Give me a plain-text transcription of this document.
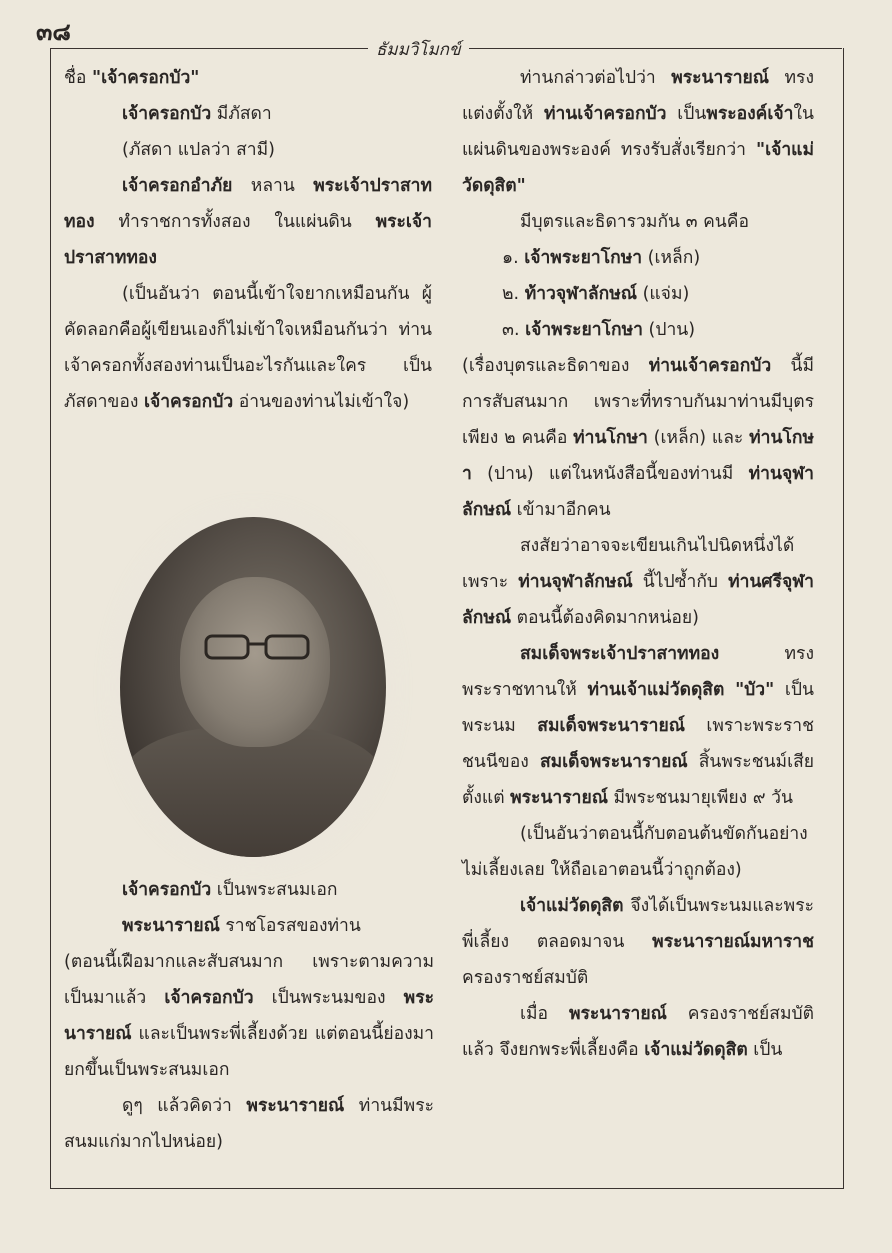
๓๘
ธัมมวิโมกข์

ชื่อ "เจ้าครอกบัว"

เจ้าครอกบัว มีภัสดา

(ภัสดา แปลว่า สามี)

เจ้าครอกอำภัย หลาน พระเจ้าปราสาททอง ทำราชการทั้งสอง ในแผ่นดิน พระเจ้าปราสาททอง

(เป็นอันว่า ตอนนี้เข้าใจยากเหมือนกัน ผู้คัดลอกคือผู้เขียนเองก็ไม่เข้าใจเหมือนกันว่า ท่านเจ้าครอกทั้งสองท่านเป็นอะไรกันและใคร เป็นภัสดาของ เจ้าครอกบัว อ่านของท่านไม่เข้าใจ)

เจ้าครอกบัว เป็นพระสนมเอก

พระนารายณ์ ราชโอรสของท่าน

(ตอนนี้เฝือมากและสับสนมาก เพราะตามความเป็นมาแล้ว เจ้าครอกบัว เป็นพระนมของ พระนารายณ์ และเป็นพระพี่เลี้ยงด้วย แต่ตอนนี้ย่องมายกขึ้นเป็นพระสนมเอก

ดูๆ แล้วคิดว่า พระนารายณ์ ท่านมีพระสนมแก่มากไปหน่อย)

ท่านกล่าวต่อไปว่า พระนารายณ์ ทรงแต่งตั้งให้ ท่านเจ้าครอกบัว เป็นพระองค์เจ้าในแผ่นดินของพระองค์ ทรงรับสั่งเรียกว่า "เจ้าแม่วัดดุสิต"

มีบุตรและธิดารวมกัน ๓ คนคือ

๑. เจ้าพระยาโกษา (เหล็ก)

๒. ท้าวจุฬาลักษณ์ (แจ่ม)

๓. เจ้าพระยาโกษา (ปาน)

(เรื่องบุตรและธิดาของ ท่านเจ้าครอกบัว นี้มีการสับสนมาก เพราะที่ทราบกันมาท่านมีบุตรเพียง ๒ คนคือ ท่านโกษา (เหล็ก) และ ท่านโกษา (ปาน) แต่ในหนังสือนี้ของท่านมี ท่านจุฬาลักษณ์ เข้ามาอีกคน

สงสัยว่าอาจจะเขียนเกินไปนิดหนึ่งได้ เพราะ ท่านจุฬาลักษณ์ นี้ไปซ้ำกับ ท่านศรีจุฬาลักษณ์ ตอนนี้ต้องคิดมากหน่อย)

สมเด็จพระเจ้าปราสาททอง ทรงพระราชทานให้ ท่านเจ้าแม่วัดดุสิต "บัว" เป็นพระนม สมเด็จพระนารายณ์ เพราะพระราชชนนีของ สมเด็จพระนารายณ์ สิ้นพระชนม์เสียตั้งแต่ พระนารายณ์ มีพระชนมายุเพียง ๙ วัน

(เป็นอันว่าตอนนี้กับตอนต้นขัดกันอย่างไม่เลี้ยงเลย ให้ถือเอาตอนนี้ว่าถูกต้อง)

เจ้าแม่วัดดุสิต จึงได้เป็นพระนมและพระพี่เลี้ยง ตลอดมาจน พระนารายณ์มหาราช ครองราชย์สมบัติ

เมื่อ พระนารายณ์ ครองราชย์สมบัติแล้ว จึงยกพระพี่เลี้ยงคือ เจ้าแม่วัดดุสิต เป็น
